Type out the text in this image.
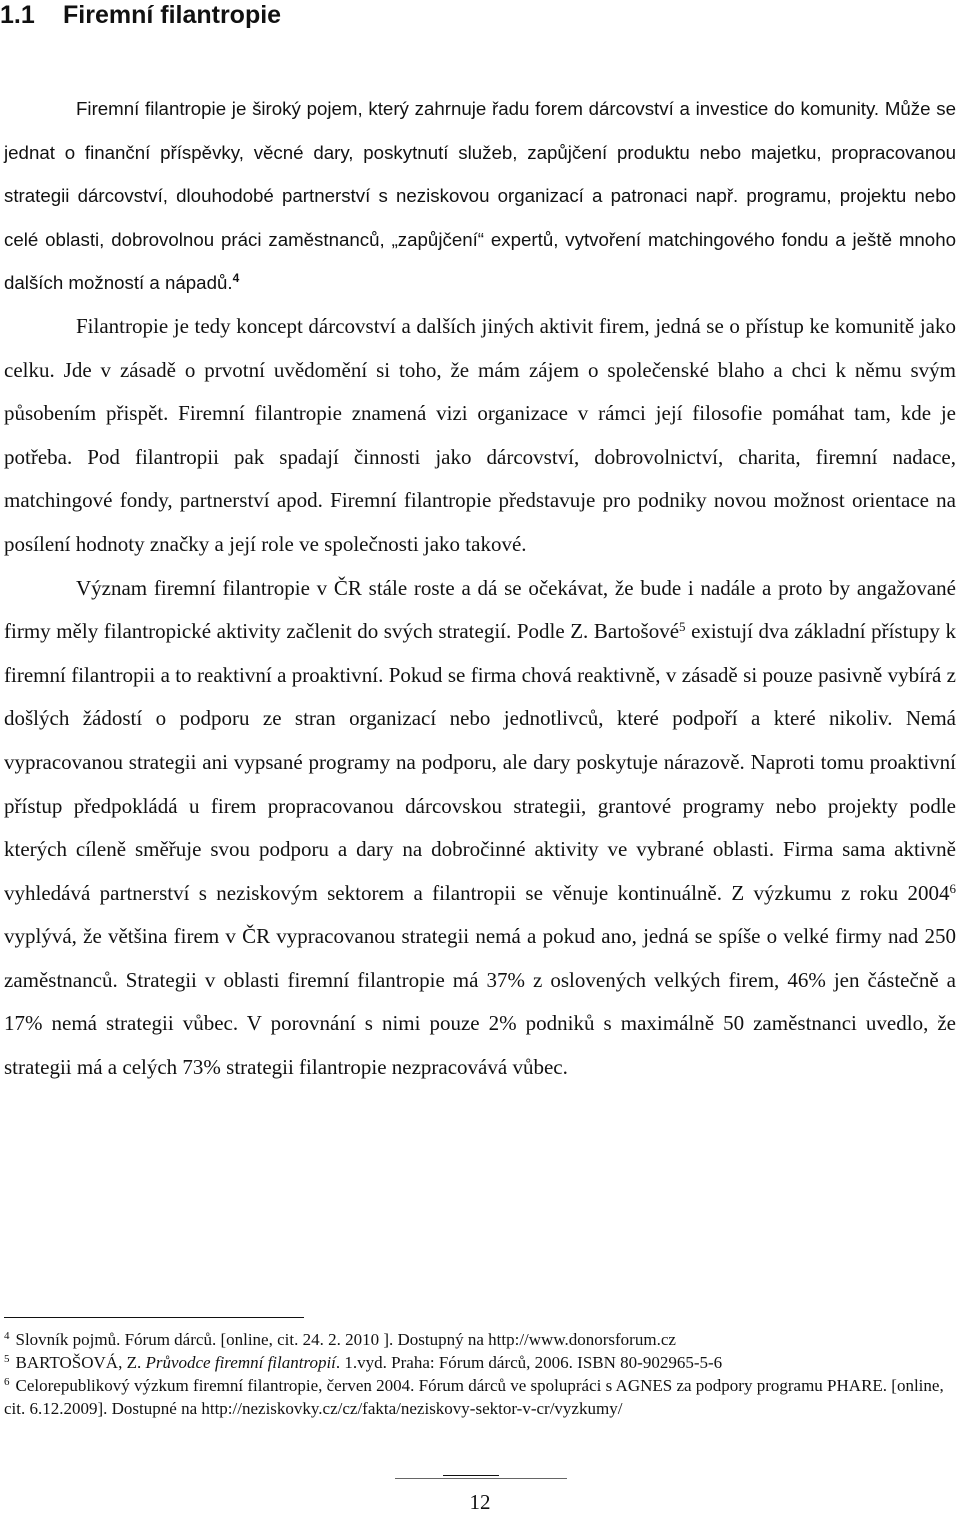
1.1 Firemní filantropie

Firemní filantropie je široký pojem, který zahrnuje řadu forem dárcovství a investice do komunity. Může se jednat o finanční příspěvky, věcné dary, poskytnutí služeb, zapůjčení produktu nebo majetku, propracovanou strategii dárcovství, dlouhodobé partnerství s neziskovou organizací a patronaci např. programu, projektu nebo celé oblasti, dobrovolnou práci zaměstnanců, „zapůjčení“ expertů, vytvoření matchingového fondu a ještě mnoho dalších možností a nápadů.$^4$

Filantropie je tedy koncept dárcovství a dalších jiných aktivit firem, jedná se o přístup ke komunitě jako celku. Jde v zásadě o prvotní uvědomění si toho, že mám zájem o společenské blaho a chci k němu svým působením přispět. Firemní filantropie znamená vizi organizace v rámci její filosofie pomáhat tam, kde je potřeba. Pod filantropii pak spadají činnosti jako dárcovství, dobrovolnictví, charita, firemní nadace, matchingové fondy, partnerství apod. Firemní filantropie představuje pro podniky novou možnost orientace na posílení hodnoty značky a její role ve společnosti jako takové.

Význam firemní filantropie v ČR stále roste a dá se očekávat, že bude i nadále a proto by angažované firmy měly filantropické aktivity začlenit do svých strategií. Podle Z. Bartošové$^5$ existují dva základní přístupy k firemní filantropii a to reaktivní a proaktivní. Pokud se firma chová reaktivně, v zásadě si pouze pasivně vybírá z došlých žádostí o podporu ze stran organizací nebo jednotlivců, které podpoří a které nikoliv. Nemá vypracovanou strategii ani vypsané programy na podporu, ale dary poskytuje nárazově. Naproti tomu proaktivní přístup předpokládá u firem propracovanou dárcovskou strategii, grantové programy nebo projekty podle kterých cíleně směřuje svou podporu a dary na dobročinné aktivity ve vybrané oblasti. Firma sama aktivně vyhledává partnerství s neziskovým sektorem a filantropii se věnuje kontinuálně. Z výzkumu z roku 2004$^6$ vyplývá, že většina firem v ČR vypracovanou strategii nemá a pokud ano, jedná se spíše o velké firmy nad 250 zaměstnanců. Strategii v oblasti firemní filantropie má 37% z oslovených velkých firem, 46% jen částečně a 17% nemá strategii vůbec. V porovnání s nimi pouze 2% podniků s maximálně 50 zaměstnanci uvedlo, že strategii má a celých 73% strategii filantropie nezpracovává vůbec.

$^4$ Slovník pojmů. Fórum dárců. [online, cit. 24. 2. 2010 ]. Dostupný na http://www.donorsforum.cz

$^5$ BARTOŠOVÁ, Z. Průvodce firemní filantropií. 1.vyd. Praha: Fórum dárců, 2006. ISBN 80-902965-5-6

$^6$ Celorepublikový výzkum firemní filantropie, červen 2004. Fórum dárců ve spolupráci s AGNES za podpory programu PHARE. [online, cit. 6.12.2009]. Dostupné na http://neziskovky.cz/cz/fakta/neziskovy-sektor-v-cr/vyzkumy/

12
